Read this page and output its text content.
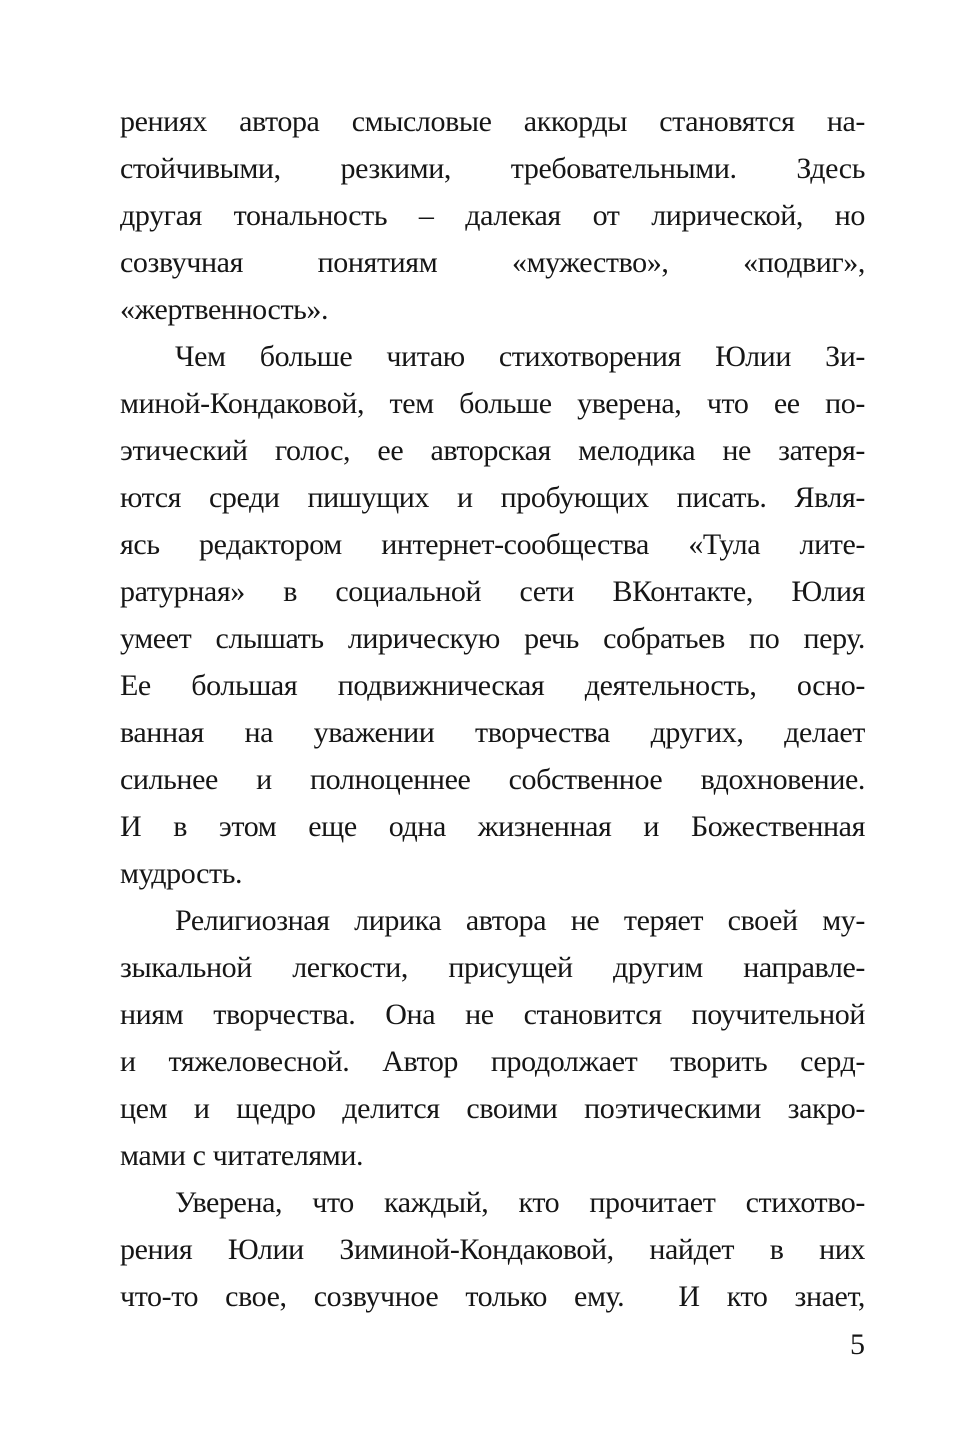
рениях автора смысловые аккорды становятся на-
стойчивыми, резкими, требовательными. Здесь
другая тональность – далекая от лирической, но
созвучная понятиям «мужество», «подвиг»,
«жертвенность».
Чем больше читаю стихотворения Юлии Зи-
миной-Кондаковой, тем больше уверена, что ее по-
этический голос, ее авторская мелодика не затеря-
ются среди пишущих и пробующих писать. Явля-
ясь редактором интернет-сообщества «Тула лите-
ратурная» в социальной сети ВКонтакте, Юлия
умеет слышать лирическую речь собратьев по перу.
Ее большая подвижническая деятельность, осно-
ванная на уважении творчества других, делает
сильнее и полноценнее собственное вдохновение.
И в этом еще одна жизненная и Божественная
мудрость.
Религиозная лирика автора не теряет своей му-
зыкальной легкости, присущей другим направле-
ниям творчества. Она не становится поучительной
и тяжеловесной. Автор продолжает творить серд-
цем и щедро делится своими поэтическими закро-
мами с читателями.
Уверена, что каждый, кто прочитает стихотво-
рения Юлии Зиминой-Кондаковой, найдет в них
что-то свое, созвучное только ему.  И кто знает,
5
